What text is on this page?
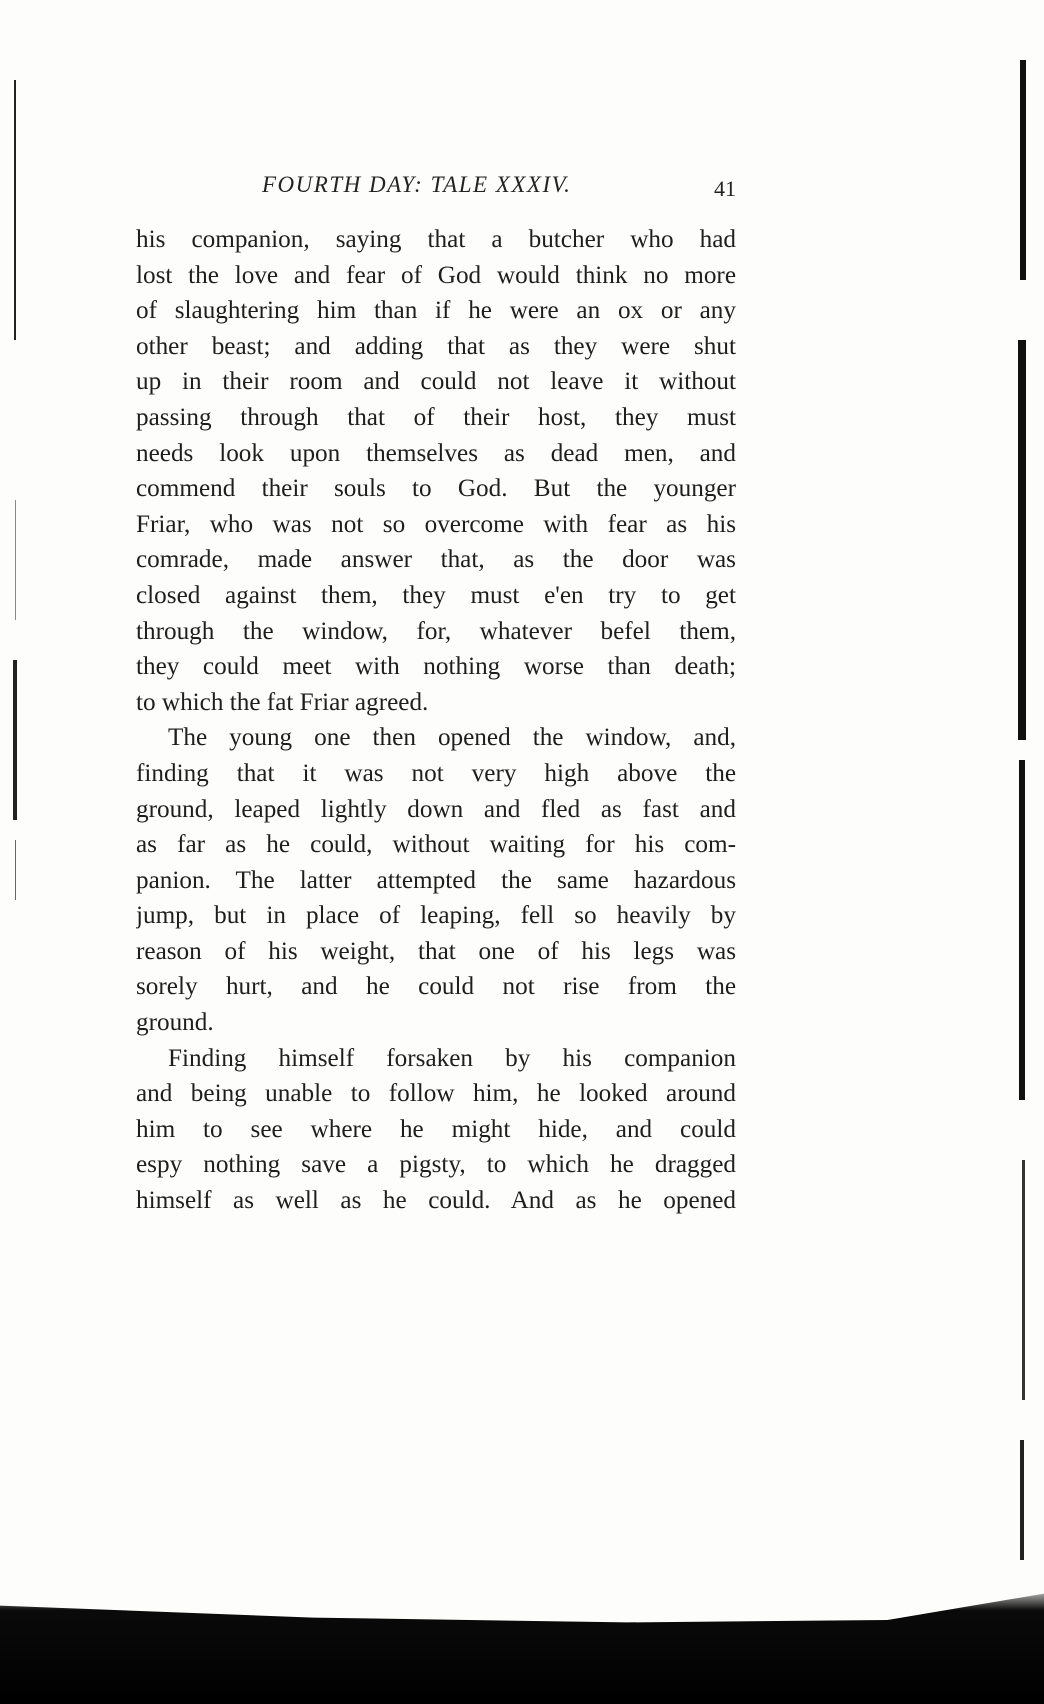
FOURTH DAY: TALE XXXIV.	41

his companion, saying that a butcher who had
lost the love and fear of God would think no more
of slaughtering him than if he were an ox or any
other beast; and adding that as they were shut
up in their room and could not leave it without
passing through that of their host, they must
needs look upon themselves as dead men, and
commend their souls to God. But the younger
Friar, who was not so overcome with fear as his
comrade, made answer that, as the door was
closed against them, they must e'en try to get
through the window, for, whatever befel them,
they could meet with nothing worse than death;
to which the fat Friar agreed.

The young one then opened the window, and,
finding that it was not very high above the
ground, leaped lightly down and fled as fast and
as far as he could, without waiting for his com-
panion. The latter attempted the same hazardous
jump, but in place of leaping, fell so heavily by
reason of his weight, that one of his legs was
sorely hurt, and he could not rise from the
ground.

Finding himself forsaken by his companion
and being unable to follow him, he looked around
him to see where he might hide, and could
espy nothing save a pigsty, to which he dragged
himself as well as he could. And as he opened
